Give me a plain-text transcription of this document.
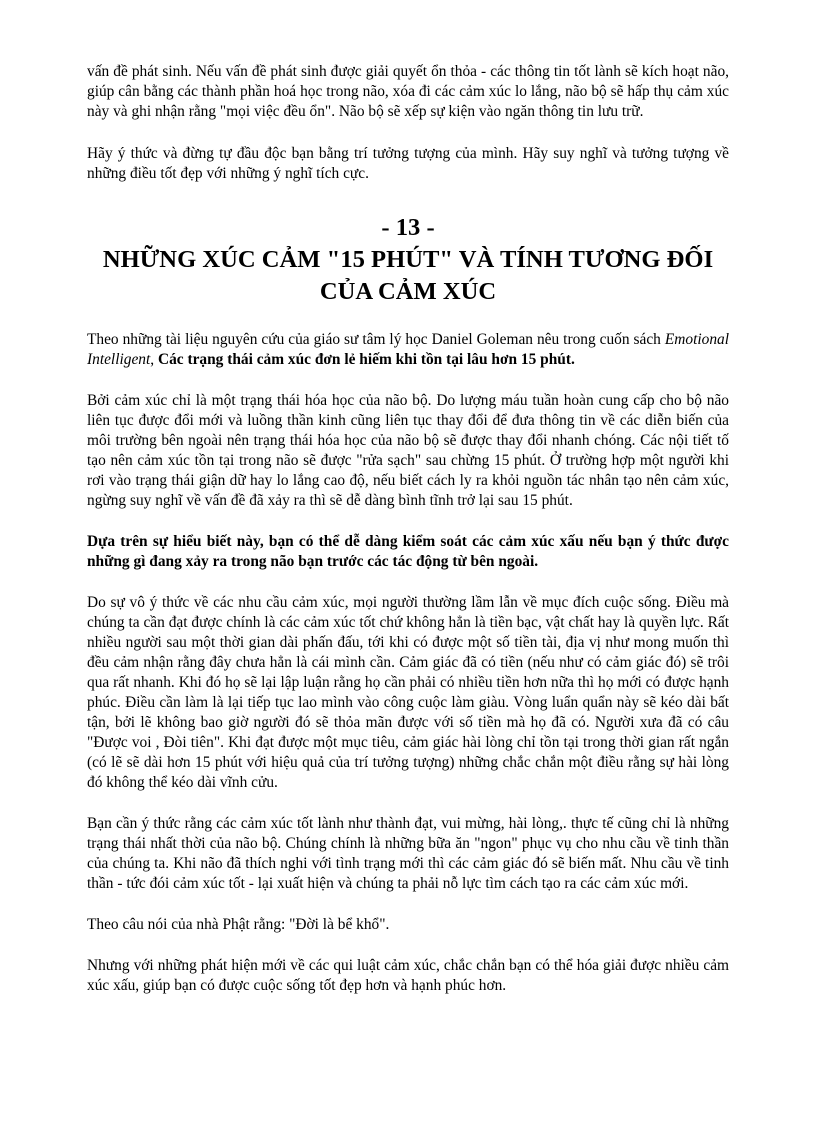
vấn đề phát sinh. Nếu vấn đề phát sinh được giải quyết ổn thỏa - các thông tin tốt lành sẽ kích hoạt não, giúp cân bằng các thành phần hoá học trong não, xóa đi các cảm xúc lo lắng, não bộ sẽ hấp thụ cảm xúc này và ghi nhận rằng "mọi việc đều ổn". Não bộ sẽ xếp sự kiện vào ngăn thông tin lưu trữ.

Hãy ý thức và đừng tự đầu độc bạn bằng trí tưởng tượng của mình. Hãy suy nghĩ và tưởng tượng về những điều tốt đẹp với những ý nghĩ tích cực.

- 13 -
NHỮNG XÚC CẢM "15 PHÚT" VÀ TÍNH TƯƠNG ĐỐI CỦA CẢM XÚC

Theo những tài liệu nguyên cứu của giáo sư tâm lý học Daniel Goleman nêu trong cuốn sách Emotional Intelligent, Các trạng thái cảm xúc đơn lẻ hiếm khi tồn tại lâu hơn 15 phút.

Bởi cảm xúc chỉ là một trạng thái hóa học của não bộ. Do lượng máu tuần hoàn cung cấp cho bộ não liên tục được đổi mới và luồng thần kinh cũng liên tục thay đổi để đưa thông tin về các diễn biến của môi trường bên ngoài nên trạng thái hóa học của não bộ sẽ được thay đổi nhanh chóng. Các nội tiết tố tạo nên cảm xúc tồn tại trong não sẽ được "rửa sạch" sau chừng 15 phút. Ở trường hợp một người khi rơi vào trạng thái giận dữ hay lo lắng cao độ, nếu biết cách ly ra khỏi nguồn tác nhân tạo nên cảm xúc, ngừng suy nghĩ về vấn đề đã xảy ra thì sẽ dễ dàng bình tĩnh trở lại sau 15 phút.

Dựa trên sự hiểu biết này, bạn có thể dễ dàng kiểm soát các cảm xúc xấu nếu bạn ý thức được những gì đang xảy ra trong não bạn trước các tác động từ bên ngoài.

Do sự vô ý thức về các nhu cầu cảm xúc, mọi người thường lầm lẫn về mục đích cuộc sống. Điều mà chúng ta cần đạt được chính là các cảm xúc tốt chứ không hẳn là tiền bạc, vật chất hay là quyền lực. Rất nhiều người sau một thời gian dài phấn đấu, tới khi có được một số tiền tài, địa vị như mong muốn thì đều cảm nhận rằng đây chưa hẳn là cái mình cần. Cảm giác đã có tiền (nếu như có cảm giác đó) sẽ trôi qua rất nhanh. Khi đó họ sẽ lại lập luận rằng họ cần phải có nhiều tiền hơn nữa thì họ mới có được hạnh phúc. Điều cần làm là lại tiếp tục lao mình vào công cuộc làm giàu. Vòng luẩn quẩn này sẽ kéo dài bất tận, bởi lẽ không bao giờ người đó sẽ thỏa mãn được với số tiền mà họ đã có. Người xưa đã có câu "Được voi , Đòi tiên". Khi đạt được một mục tiêu, cảm giác hài lòng chỉ tồn tại trong thời gian rất ngắn (có lẽ sẽ dài hơn 15 phút với hiệu quả của trí tưởng tượng) những chắc chắn một điều rằng sự hài lòng đó không thể kéo dài vĩnh cửu.

Bạn cần ý thức rằng các cảm xúc tốt lành như thành đạt, vui mừng, hài lòng,. thực tế cũng chỉ là những trạng thái nhất thời của não bộ. Chúng chính là những bữa ăn "ngon" phục vụ cho nhu cầu về tinh thần của chúng ta. Khi não đã thích nghi với tình trạng mới thì các cảm giác đó sẽ biến mất. Nhu cầu về tinh thần - tức đói cảm xúc tốt - lại xuất hiện và chúng ta phải nỗ lực tìm cách tạo ra các cảm xúc mới.

Theo câu nói của nhà Phật rằng: "Đời là bể khổ".

Nhưng với những phát hiện mới về các qui luật cảm xúc, chắc chắn bạn có thể hóa giải được nhiều cảm xúc xấu, giúp bạn có được cuộc sống tốt đẹp hơn và hạnh phúc hơn.
